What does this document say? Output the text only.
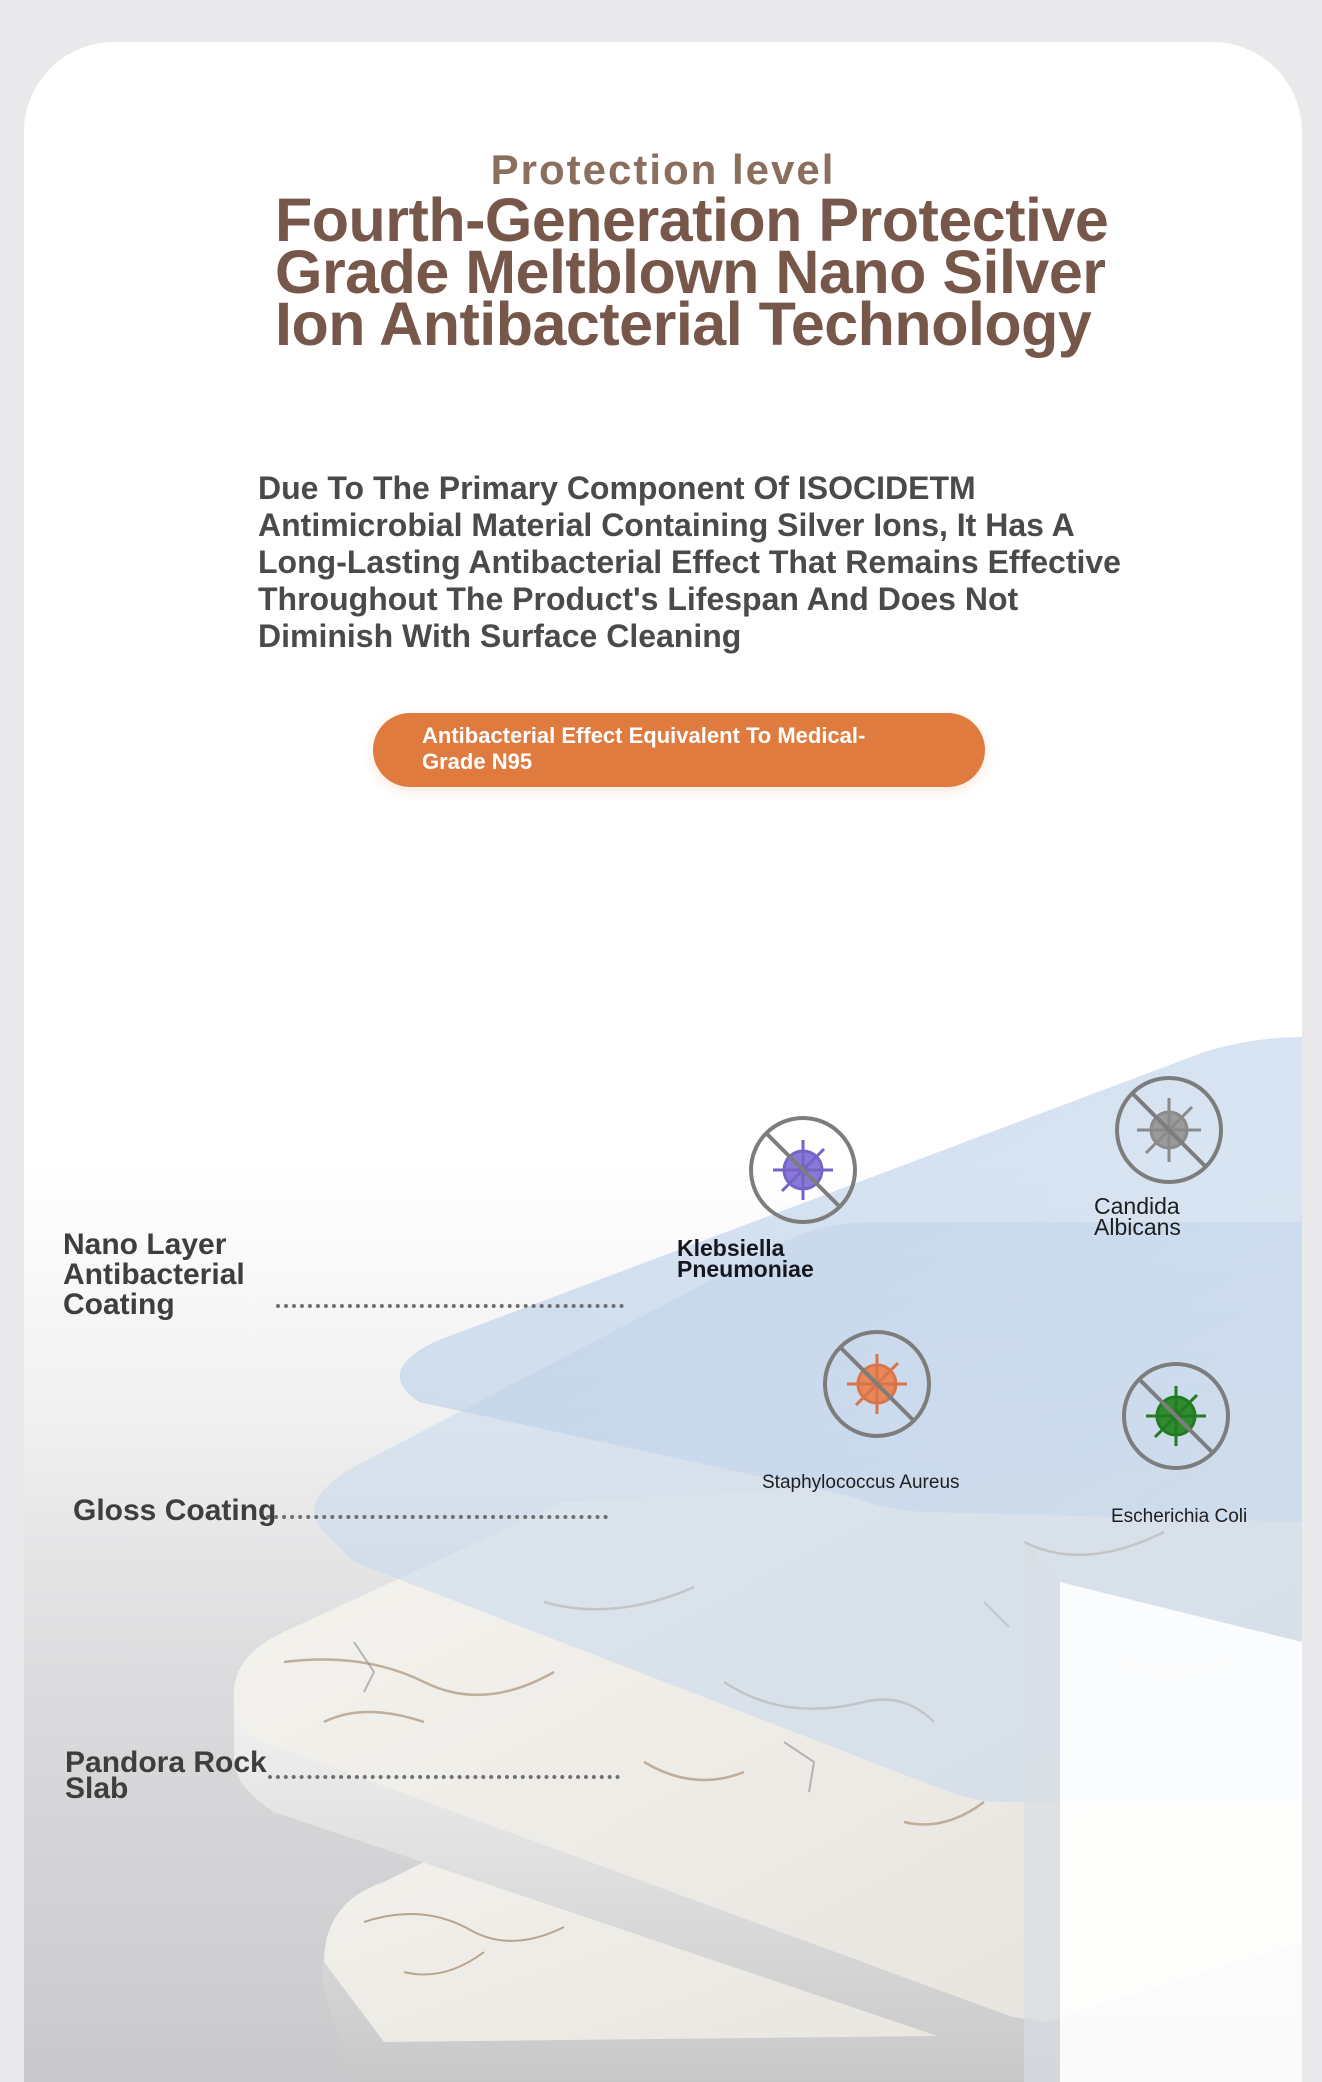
Protection level
Fourth-Generation Protective Grade Meltblown Nano Silver Ion Antibacterial Technology

Due To The Primary Component Of ISOCIDETM Antimicrobial Material Containing Silver Ions, It Has A Long-Lasting Antibacterial Effect That Remains Effective Throughout The Product's Lifespan And Does Not Diminish With Surface Cleaning

Antibacterial Effect Equivalent To Medical-Grade N95

Nano Layer Antibacterial Coating

Gloss Coating

Pandora Rock Slab

Klebsiella Pneumoniae

Candida Albicans

Staphylococcus Aureus

Escherichia Coli
